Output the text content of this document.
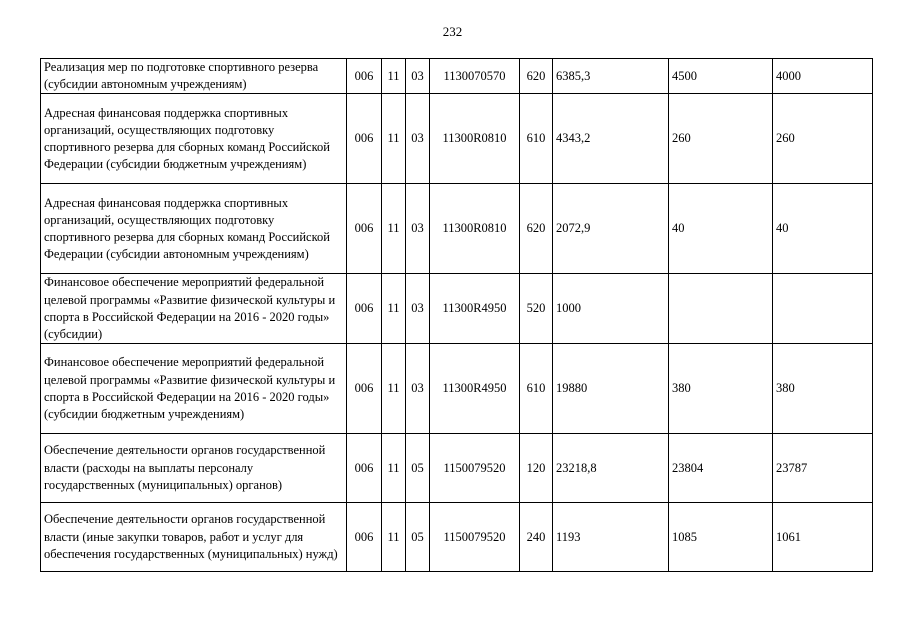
232
Реализация мер по подготовке спортивного резерва (субсидии автономным учреждениям)	006	11	03	1130070570	620	6385,3	4500	4000
Адресная финансовая поддержка спортивных организаций, осуществляющих подготовку спортивного резерва для сборных команд Российской Федерации (субсидии бюджетным учреждениям)	006	11	03	11300R0810	610	4343,2	260	260
Адресная финансовая поддержка спортивных организаций, осуществляющих подготовку спортивного резерва для сборных команд Российской Федерации (субсидии автономным учреждениям)	006	11	03	11300R0810	620	2072,9	40	40
Финансовое обеспечение мероприятий федеральной целевой программы «Развитие физической культуры и спорта в Российской Федерации на 2016 - 2020 годы» (субсидии)	006	11	03	11300R4950	520	1000		
Финансовое обеспечение мероприятий федеральной целевой программы «Развитие физической культуры и спорта в Российской Федерации на 2016 - 2020 годы» (субсидии бюджетным учреждениям)	006	11	03	11300R4950	610	19880	380	380
Обеспечение деятельности органов государственной власти (расходы на выплаты персоналу государственных (муниципальных) органов)	006	11	05	1150079520	120	23218,8	23804	23787
Обеспечение деятельности органов государственной власти (иные закупки товаров, работ и услуг для обеспечения государственных (муниципальных) нужд)	006	11	05	1150079520	240	1193	1085	1061
